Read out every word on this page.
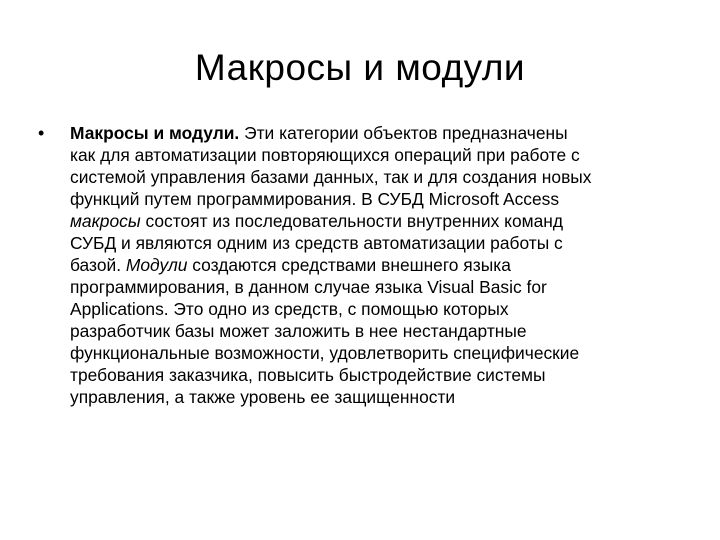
Макросы и модули
• Макросы и модули. Эти категории объектов предназначены
как для автоматизации повторяющихся операций при работе с
системой управления базами данных, так и для создания новых
функций путем программирования. В СУБД Microsoft Access
макросы состоят из последовательности внутренних команд
СУБД и являются одним из средств автоматизации работы с
базой. Модули создаются средствами внешнего языка
программирования, в данном случае языка Visual Basic for
Applications. Это одно из средств, с помощью которых
разработчик базы может заложить в нее нестандартные
функциональные возможности, удовлетворить специфические
требования заказчика, повысить быстродействие системы
управления, а также уровень ее защищенности
